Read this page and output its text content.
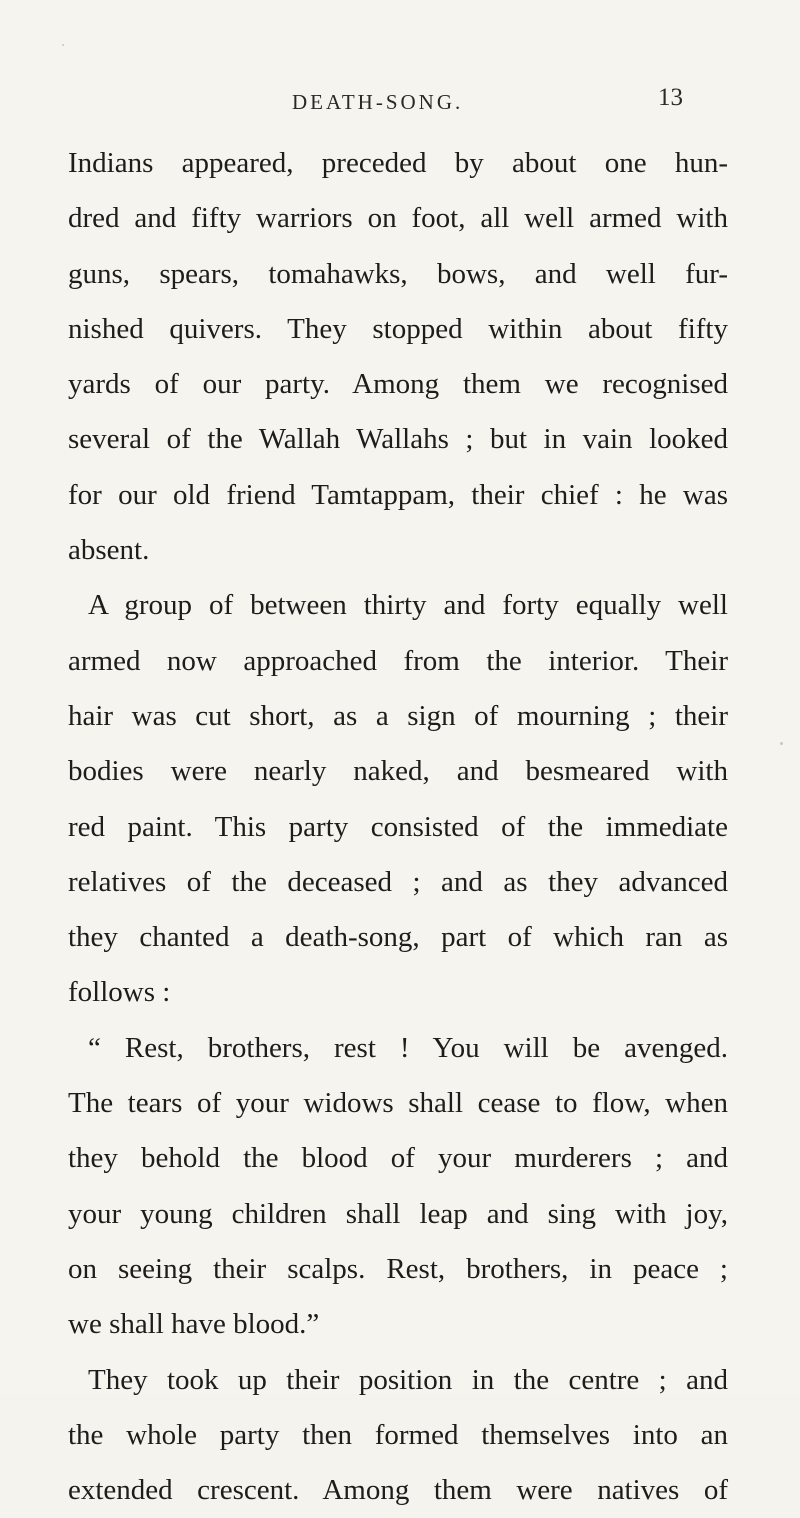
DEATH-SONG.	13
Indians appeared, preceded by about one hun-
dred and fifty warriors on foot, all well armed with
guns, spears, tomahawks, bows, and well fur-
nished quivers. They stopped within about fifty
yards of our party. Among them we recognised
several of the Wallah Wallahs ; but in vain looked
for our old friend Tamtappam, their chief : he was
absent.
A group of between thirty and forty equally well
armed now approached from the interior. Their
hair was cut short, as a sign of mourning ; their
bodies were nearly naked, and besmeared with
red paint. This party consisted of the immediate
relatives of the deceased ; and as they advanced
they chanted a death-song, part of which ran as
follows :
“ Rest, brothers, rest ! You will be avenged.
The tears of your widows shall cease to flow, when
they behold the blood of your murderers ; and
your young children shall leap and sing with joy,
on seeing their scalps. Rest, brothers, in peace ;
we shall have blood.”
They took up their position in the centre ; and
the whole party then formed themselves into an
extended crescent. Among them were natives of
